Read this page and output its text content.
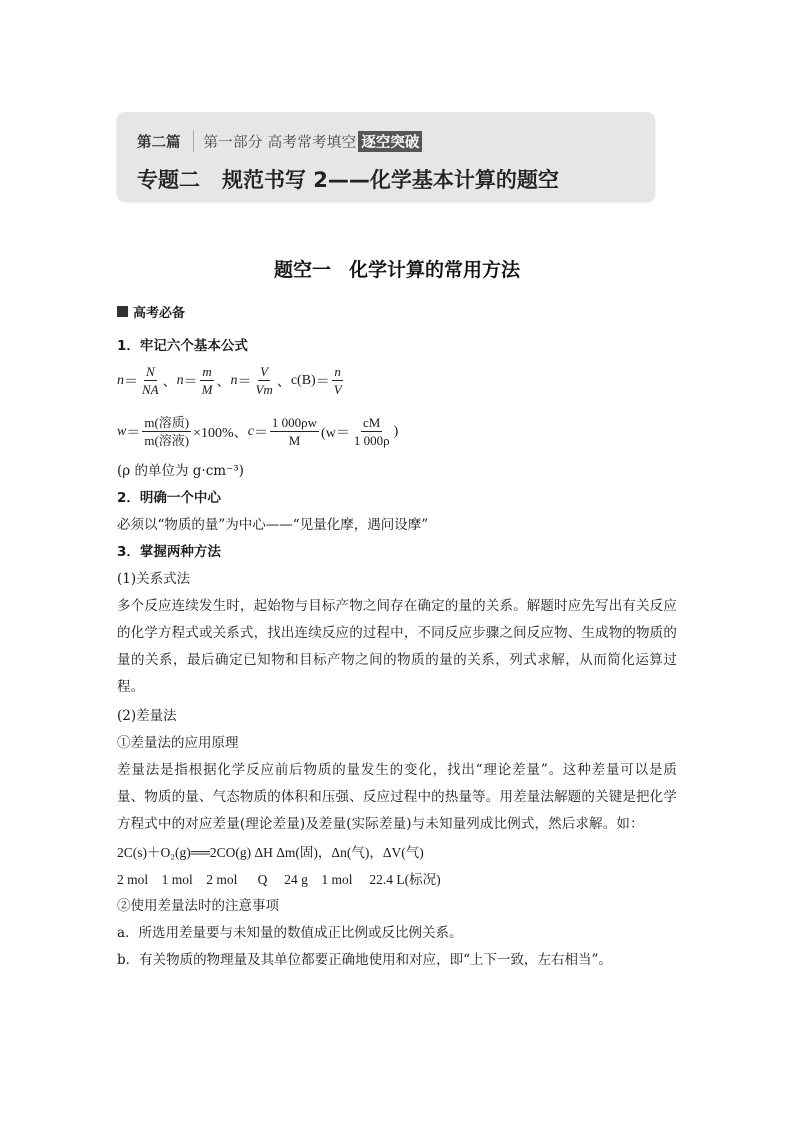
第二篇 第一部分 高考常考填空 逐空突破
专题二 规范书写 2——化学基本计算的题空
题空一 化学计算的常用方法
高考必备
1．牢记六个基本公式
$n = \frac{N}{NA}$ 、 $n = \frac{m}{M}$ 、 $n = \frac{V}{Vm}$ 、 $c(B) = \frac{n}{V}$
$w = \frac{\text{m(溶质)}}{\text{m(溶液)}} \times 100\%$、 $c = \frac{1 000\rho w}{M} (w= \frac{cM}{1 000\rho}$ )
(ρ 的单位为 g·cm⁻³)
2．明确一个中心
必须以“物质的量”为中心——“见量化摩，遇问设摩”
3．掌握两种方法
(1)关系式法
多个反应连续发生时，起始物与目标产物之间存在确定的量的关系。解题时应先写出有关反应的化学方程式或关系式，找出连续反应的过程中，不同反应步骤之间反应物、生成物的物质的量的关系，最后确定已知物和目标产物之间的物质的量的关系，列式求解，从而简化运算过程。
(2)差量法
①差量法的应用原理
差量法是指根据化学反应前后物质的量发生的变化，找出“理论差量”。这种差量可以是质量、物质的量、气态物质的体积和压强、反应过程中的热量等。用差量法解题的关键是把化学方程式中的对应差量(理论差量)及差量(实际差量)与未知量列成比例式，然后求解。如：
2C(s)＋O₂(g)══2CO(g) ΔH Δm(固)，Δn(气)，ΔV(气)
2 mol    1 mol    2 mol      Q     24 g    1 mol     22.4 L(标况)
②使用差量法时的注意事项
a．所选用差量要与未知量的数值成正比例或反比例关系。
b．有关物质的物理量及其单位都要正确地使用和对应，即“上下一致，左右相当”。
